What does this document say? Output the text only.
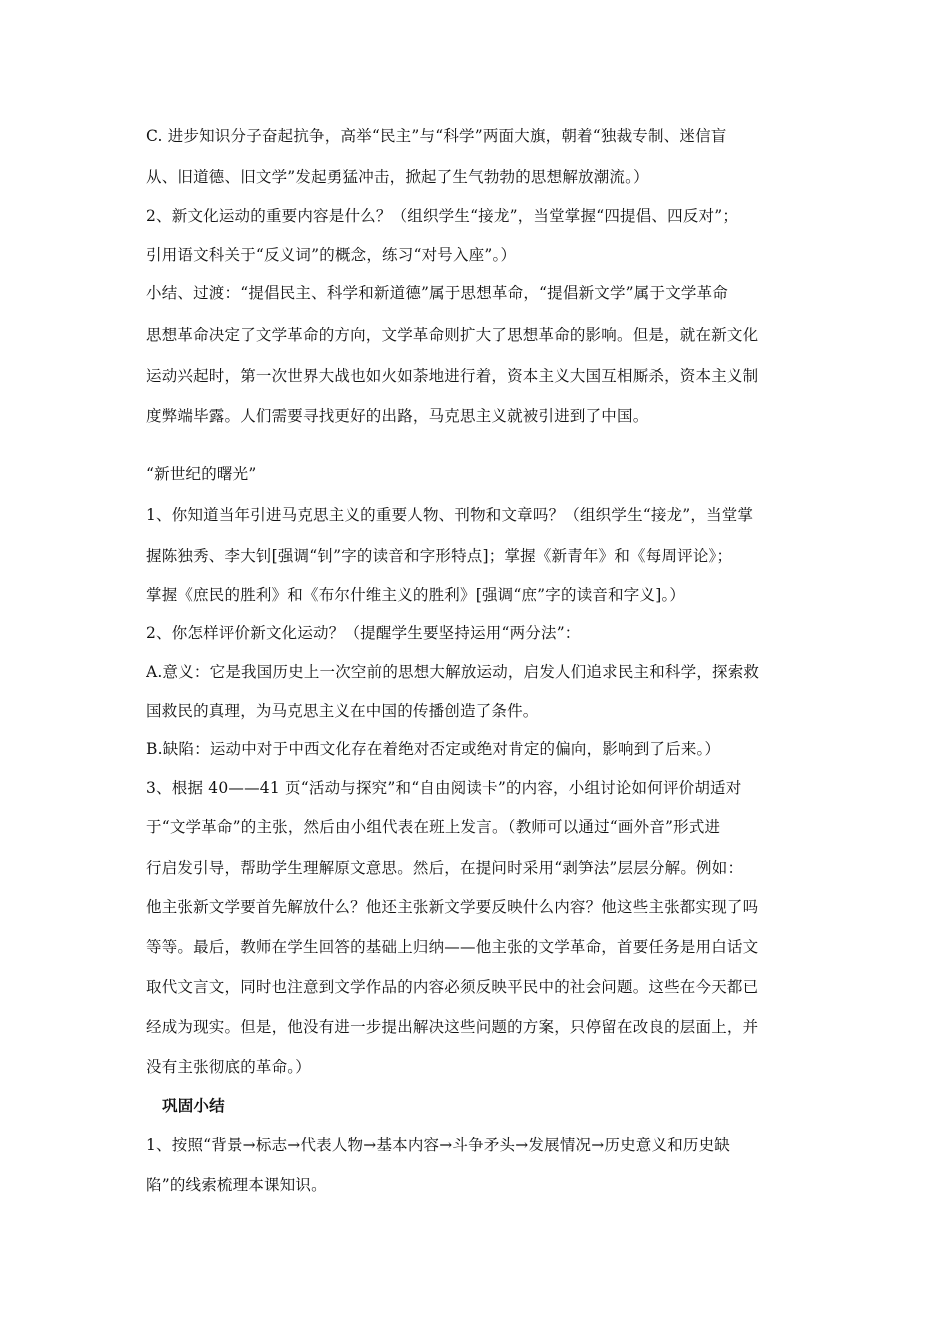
C. 进步知识分子奋起抗争，高举“民主”与“科学”两面大旗，朝着“独裁专制、迷信盲
从、旧道德、旧文学”发起勇猛冲击，掀起了生气勃勃的思想解放潮流。）
2、新文化运动的重要内容是什么？（组织学生“接龙”，当堂掌握“四提倡、四反对”；
引用语文科关于“反义词”的概念，练习“对号入座”。）
小结、过渡：“提倡民主、科学和新道德”属于思想革命，“提倡新文学”属于文学革命
思想革命决定了文学革命的方向，文学革命则扩大了思想革命的影响。但是，就在新文化
运动兴起时，第一次世界大战也如火如荼地进行着，资本主义大国互相厮杀，资本主义制
度弊端毕露。人们需要寻找更好的出路，马克思主义就被引进到了中国。
“新世纪的曙光”
1、你知道当年引进马克思主义的重要人物、刊物和文章吗？（组织学生“接龙”，当堂掌
握陈独秀、李大钊[强调“钊”字的读音和字形特点]；掌握《新青年》和《每周评论》；
掌握《庶民的胜利》和《布尔什维主义的胜利》[强调“庶”字的读音和字义]。）
2、你怎样评价新文化运动？（提醒学生要坚持运用“两分法”：
A.意义：它是我国历史上一次空前的思想大解放运动，启发人们追求民主和科学，探索救
国救民的真理，为马克思主义在中国的传播创造了条件。
B.缺陷：运动中对于中西文化存在着绝对否定或绝对肯定的偏向，影响到了后来。）
3、根据 40——41 页“活动与探究”和“自由阅读卡”的内容，小组讨论如何评价胡适对
于“文学革命”的主张，然后由小组代表在班上发言。（教师可以通过“画外音”形式进
行启发引导，帮助学生理解原文意思。然后，在提问时采用“剥笋法”层层分解。例如：
他主张新文学要首先解放什么？他还主张新文学要反映什么内容？他这些主张都实现了吗
等等。最后，教师在学生回答的基础上归纳——他主张的文学革命，首要任务是用白话文
取代文言文，同时也注意到文学作品的内容必须反映平民中的社会问题。这些在今天都已
经成为现实。但是，他没有进一步提出解决这些问题的方案，只停留在改良的层面上，并
没有主张彻底的革命。）
巩固小结
1、按照“背景→标志→代表人物→基本内容→斗争矛头→发展情况→历史意义和历史缺
陷”的线索梳理本课知识。
